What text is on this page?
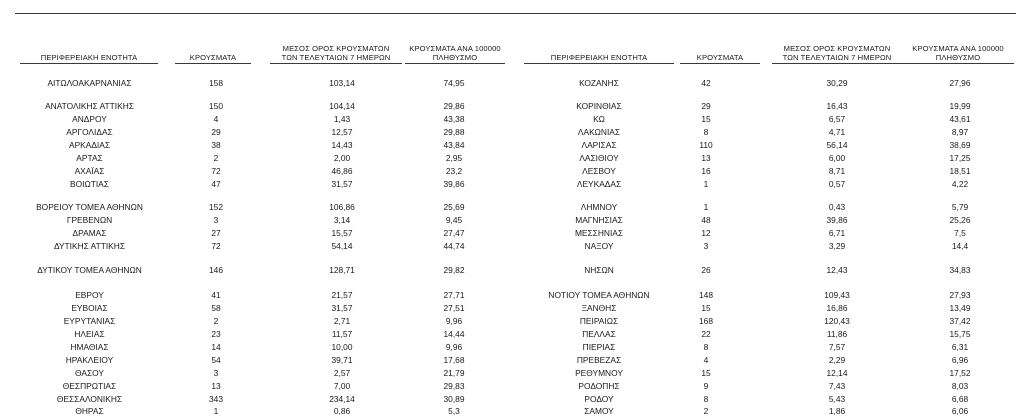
ΠΕΡΙΦΕΡΕΙΑΚΗ ΕΝΟΤΗΤΑ	ΚΡΟΥΣΜΑΤΑ
ΜΕΣΟΣ ΟΡΟΣ ΚΡΟΥΣΜΑΤΩΝ
ΤΩΝ ΤΕΛΕΥΤΑΙΩΝ 7 ΗΜΕΡΩΝ
ΚΡΟΥΣΜΑΤΑ ΑΝΑ 100000
ΠΛΗΘΥΣΜΟ
ΑΙΤΩΛΟΑΚΑΡΝΑΝΙΑΣ	158	103,14	74,95
ΑΝΑΤΟΛΙΚΗΣ ΑΤΤΙΚΗΣ	150	104,14	29,86
ΑΝΔΡΟΥ	4	1,43	43,38
ΑΡΓΟΛΙΔΑΣ	29	12,57	29,88
ΑΡΚΑΔΙΑΣ	38	14,43	43,84
ΑΡΤΑΣ	2	2,00	2,95
ΑΧΑΪΑΣ	72	46,86	23,2
ΒΟΙΩΤΙΑΣ	47	31,57	39,86
ΒΟΡΕΙΟΥ ΤΟΜΕΑ ΑΘΗΝΩΝ	152	106,86	25,69
ΓΡΕΒΕΝΩΝ	3	3,14	9,45
ΔΡΑΜΑΣ	27	15,57	27,47
ΔΥΤΙΚΗΣ ΑΤΤΙΚΗΣ	72	54,14	44,74
ΔΥΤΙΚΟΥ ΤΟΜΕΑ ΑΘΗΝΩΝ	146	128,71	29,82
ΕΒΡΟΥ	41	21,57	27,71
ΕΥΒΟΙΑΣ	58	31,57	27,51
ΕΥΡΥΤΑΝΙΑΣ	2	2,71	9,96
ΗΛΕΙΑΣ	23	11,57	14,44
ΗΜΑΘΙΑΣ	14	10,00	9,96
ΗΡΑΚΛΕΙΟΥ	54	39,71	17,68
ΘΑΣΟΥ	3	2,57	21,79
ΘΕΣΠΡΩΤΙΑΣ	13	7,00	29,83
ΘΕΣΣΑΛΟΝΙΚΗΣ	343	234,14	30,89
ΘΗΡΑΣ	1	0,86	5,3
ΠΕΡΙΦΕΡΕΙΑΚΗ ΕΝΟΤΗΤΑ	ΚΡΟΥΣΜΑΤΑ
ΜΕΣΟΣ ΟΡΟΣ ΚΡΟΥΣΜΑΤΩΝ
ΤΩΝ ΤΕΛΕΥΤΑΙΩΝ 7 ΗΜΕΡΩΝ
ΚΡΟΥΣΜΑΤΑ ΑΝΑ 100000
ΠΛΗΘΥΣΜΟ
ΚΟΖΑΝΗΣ	42	30,29	27,96
ΚΟΡΙΝΘΙΑΣ	29	16,43	19,99
ΚΩ	15	6,57	43,61
ΛΑΚΩΝΙΑΣ	8	4,71	8,97
ΛΑΡΙΣΑΣ	110	56,14	38,69
ΛΑΣΙΘΙΟΥ	13	6,00	17,25
ΛΕΣΒΟΥ	16	8,71	18,51
ΛΕΥΚΑΔΑΣ	1	0,57	4,22
ΛΗΜΝΟΥ	1	0,43	5,79
ΜΑΓΝΗΣΙΑΣ	48	39,86	25,26
ΜΕΣΣΗΝΙΑΣ	12	6,71	7,5
ΝΑΞΟΥ	3	3,29	14,4
ΝΗΣΩΝ	26	12,43	34,83
ΝΟΤΙΟΥ ΤΟΜΕΑ ΑΘΗΝΩΝ	148	109,43	27,93
ΞΑΝΘΗΣ	15	16,86	13,49
ΠΕΙΡΑΙΩΣ	168	120,43	37,42
ΠΕΛΛΑΣ	22	11,86	15,75
ΠΙΕΡΙΑΣ	8	7,57	6,31
ΠΡΕΒΕΖΑΣ	4	2,29	6,96
ΡΕΘΥΜΝΟΥ	15	12,14	17,52
ΡΟΔΟΠΗΣ	9	7,43	8,03
ΡΟΔΟΥ	8	5,43	6,68
ΣΑΜΟΥ	2	1,86	6,06
